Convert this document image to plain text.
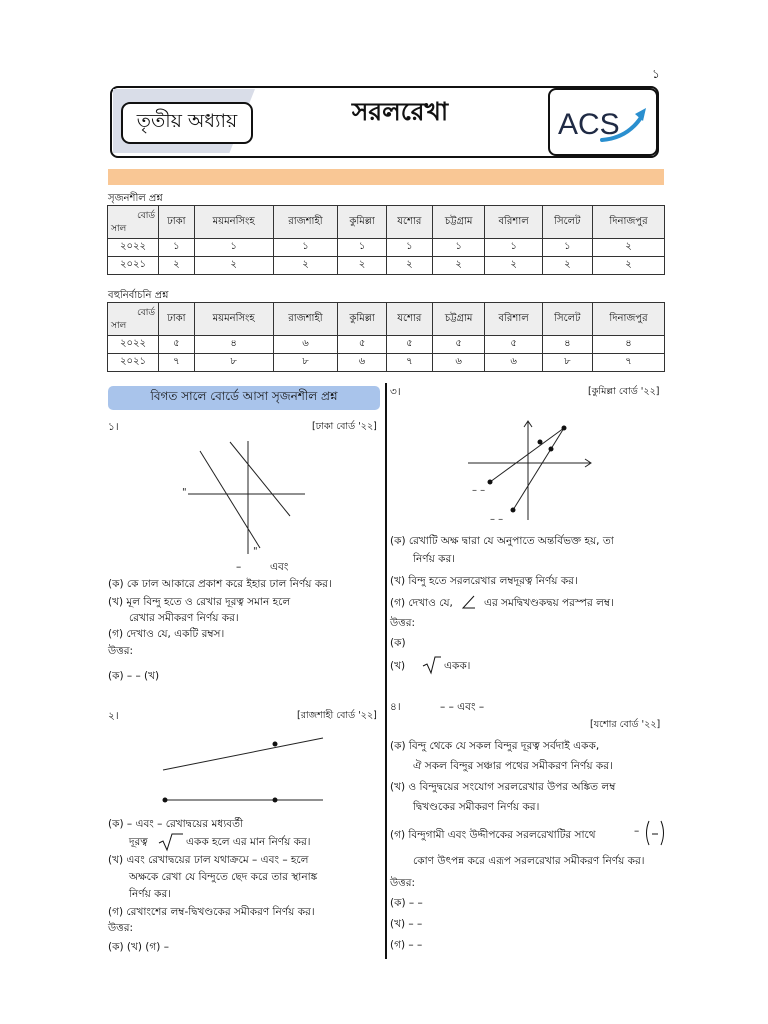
১
তৃতীয় অধ্যায়	সরলরেখা	ACS
সৃজনশীল প্রশ্ন
বোর্ড
সাল	ঢাকা	ময়মনসিংহ	রাজশাহী	কুমিল্লা	যশোর	চট্টগ্রাম	বরিশাল	সিলেট	দিনাজপুর
২০২২	১	১	১	১	১	১	১	১	২
২০২১	২	২	২	২	২	২	২	২	২
বহুনির্বাচনি প্রশ্ন
বোর্ড
সাল	ঢাকা	ময়মনসিংহ	রাজশাহী	কুমিল্লা	যশোর	চট্টগ্রাম	বরিশাল	সিলেট	দিনাজপুর
২০২২	৫	৪	৬	৫	৫	৫	৫	৪	৪
২০২১	৭	৮	৮	৬	৭	৬	৬	৮	৭
বিগত সালে বোর্ডে আসা সৃজনশীল প্রশ্ন
১।	[ঢাকা বোর্ড '২২]
"
"
–	এবং
(ক) কে ঢাল আকারে প্রকাশ করে ইহার ঢাল নির্ণয় কর।
(খ) মূল বিন্দু হতে ও রেখার দূরত্ব সমান হলে
রেখার সমীকরণ নির্ণয় কর।
(গ) দেখাও যে, একটি রম্বস।
উত্তর:
(ক) – – (খ)
২।	[রাজশাহী বোর্ড '২২]
(ক) – এবং – রেখাদ্বয়ের মধ্যবর্তী
দূরত্ব	একক হলে এর মান নির্ণয় কর।
(খ) এবং রেখাদ্বয়ের ঢাল যথাক্রমে – এবং – হলে
অক্ষকে রেখা যে বিন্দুতে ছেদ করে তার স্থানাঙ্ক
নির্ণয় কর।
(গ) রেখাংশের লম্ব-দ্বিখণ্ডকের সমীকরণ নির্ণয় কর।
উত্তর:
(ক) (খ) (গ) –
৩।	[কুমিল্লা বোর্ড '২২]
– –
– –
(ক) রেখাটি অক্ষ দ্বারা যে অনুপাতে অন্তর্বিভক্ত হয়, তা
নির্ণয় কর।
(খ) বিন্দু হতে সরলরেখার লম্বদূরত্ব নির্ণয় কর।
(গ) দেখাও যে,	এর সমদ্বিখণ্ডকদ্বয় পরস্পর লম্ব।
উত্তর:
(ক)
(খ)	একক।
৪।	– – এবং –
[যশোর বোর্ড '২২]
(ক) বিন্দু থেকে যে সকল বিন্দুর দূরত্ব সর্বদাই একক,
ঐ সকল বিন্দুর সঞ্চার পথের সমীকরণ নির্ণয় কর।
(খ) ও বিন্দুদ্বয়ের সংযোগ সরলরেখার উপর অঙ্কিত লম্ব
দ্বিখণ্ডকের সমীকরণ নির্ণয় কর।
(গ) বিন্দুগামী এবং উদ্দীপকের সরলরেখাটির সাথে	–
কোণ উৎপন্ন করে এরূপ সরলরেখার সমীকরণ নির্ণয় কর।
উত্তর:
(ক) – –
(খ) – –
(গ) – –
